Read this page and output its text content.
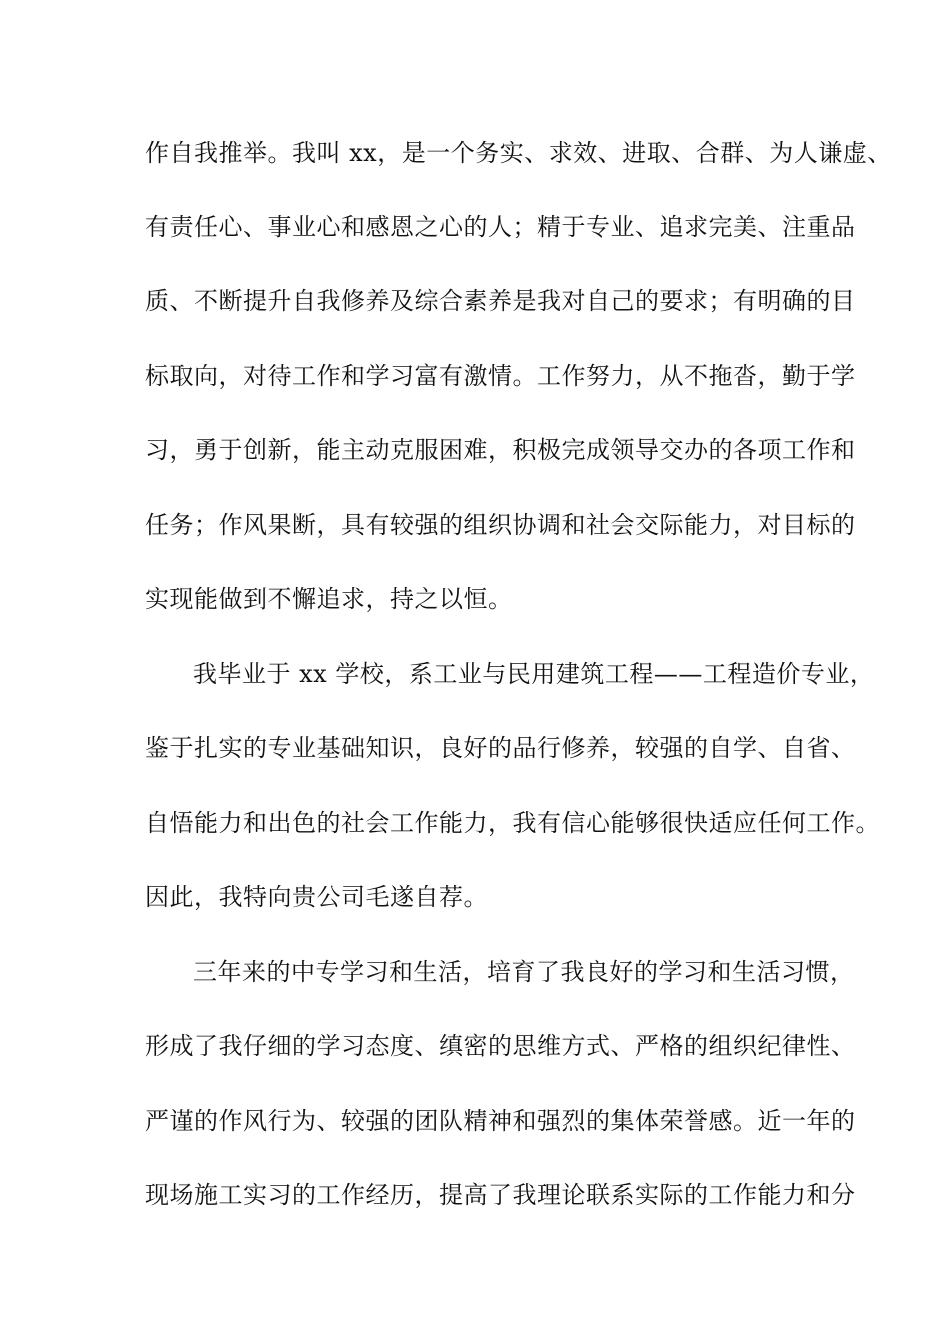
作自我推举。我叫 xx，是一个务实、求效、进取、合群、为人谦虚、
有责任心、事业心和感恩之心的人；精于专业、追求完美、注重品
质、不断提升自我修养及综合素养是我对自己的要求；有明确的目
标取向，对待工作和学习富有激情。工作努力，从不拖沓，勤于学
习，勇于创新，能主动克服困难，积极完成领导交办的各项工作和
任务；作风果断，具有较强的组织协调和社会交际能力，对目标的
实现能做到不懈追求，持之以恒。
我毕业于 xx 学校，系工业与民用建筑工程——工程造价专业，
鉴于扎实的专业基础知识，良好的品行修养，较强的自学、自省、
自悟能力和出色的社会工作能力，我有信心能够很快适应任何工作。
因此，我特向贵公司毛遂自荐。
三年来的中专学习和生活，培育了我良好的学习和生活习惯，
形成了我仔细的学习态度、缜密的思维方式、严格的组织纪律性、
严谨的作风行为、较强的团队精神和强烈的集体荣誉感。近一年的
现场施工实习的工作经历，提高了我理论联系实际的工作能力和分
